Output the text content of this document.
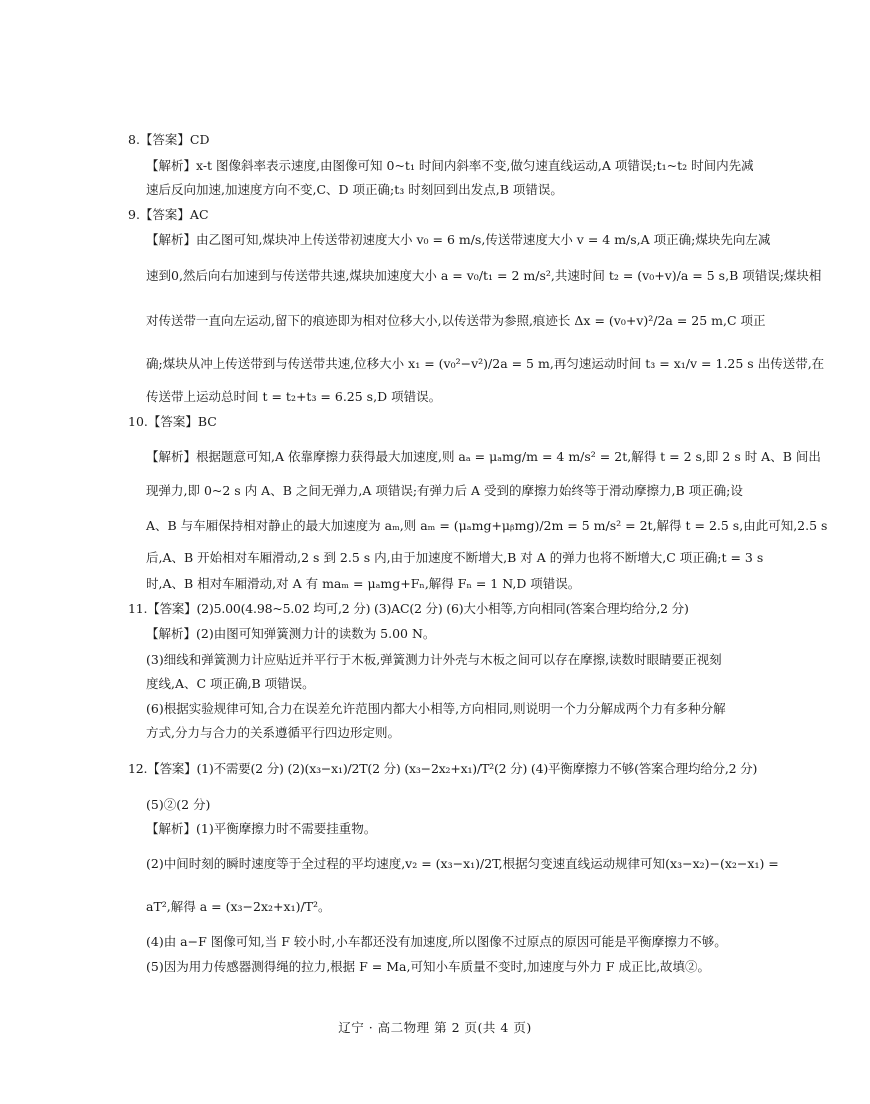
8.【答案】CD
【解析】x-t 图像斜率表示速度,由图像可知 0~t₁ 时间内斜率不变,做匀速直线运动,A 项错误;t₁~t₂ 时间内先减
速后反向加速,加速度方向不变,C、D 项正确;t₃ 时刻回到出发点,B 项错误。
9.【答案】AC
【解析】由乙图可知,煤块冲上传送带初速度大小 v₀ = 6 m/s,传送带速度大小 v = 4 m/s,A 项正确;煤块先向左减
速到0,然后向右加速到与传送带共速,煤块加速度大小 a = v₀/t₁ = 2 m/s²,共速时间 t₂ = (v₀+v)/a = 5 s,B 项错误;煤块相
对传送带一直向左运动,留下的痕迹即为相对位移大小,以传送带为参照,痕迹长 Δx = (v₀+v)²/2a = 25 m,C 项正
确;煤块从冲上传送带到与传送带共速,位移大小 x₁ = (v₀²−v²)/2a = 5 m,再匀速运动时间 t₃ = x₁/v = 1.25 s 出传送带,在
传送带上运动总时间 t = t₂+t₃ = 6.25 s,D 项错误。
10.【答案】BC
【解析】根据题意可知,A 依靠摩擦力获得最大加速度,则 aₐ = μₐmg/m = 4 m/s² = 2t,解得 t = 2 s,即 2 s 时 A、B 间出
现弹力,即 0~2 s 内 A、B 之间无弹力,A 项错误;有弹力后 A 受到的摩擦力始终等于滑动摩擦力,B 项正确;设
A、B 与车厢保持相对静止的最大加速度为 aₘ,则 aₘ = (μₐmg+μᵦmg)/2m = 5 m/s² = 2t,解得 t = 2.5 s,由此可知,2.5 s
后,A、B 开始相对车厢滑动,2 s 到 2.5 s 内,由于加速度不断增大,B 对 A 的弹力也将不断增大,C 项正确;t = 3 s
时,A、B 相对车厢滑动,对 A 有 maₘ = μₐmg+Fₙ,解得 Fₙ = 1 N,D 项错误。
11.【答案】(2)5.00(4.98~5.02 均可,2 分) (3)AC(2 分) (6)大小相等,方向相同(答案合理均给分,2 分)
【解析】(2)由图可知弹簧测力计的读数为 5.00 N。
(3)细线和弹簧测力计应贴近并平行于木板,弹簧测力计外壳与木板之间可以存在摩擦,读数时眼睛要正视刻
度线,A、C 项正确,B 项错误。
(6)根据实验规律可知,合力在误差允许范围内都大小相等,方向相同,则说明一个力分解成两个力有多种分解
方式,分力与合力的关系遵循平行四边形定则。
12.【答案】(1)不需要(2 分) (2)(x₃−x₁)/2T(2 分) (x₃−2x₂+x₁)/T²(2 分) (4)平衡摩擦力不够(答案合理均给分,2 分)
(5)②(2 分)
【解析】(1)平衡摩擦力时不需要挂重物。
(2)中间时刻的瞬时速度等于全过程的平均速度,v₂ = (x₃−x₁)/2T,根据匀变速直线运动规律可知(x₃−x₂)−(x₂−x₁) =
aT²,解得 a = (x₃−2x₂+x₁)/T²。
(4)由 a−F 图像可知,当 F 较小时,小车都还没有加速度,所以图像不过原点的原因可能是平衡摩擦力不够。
(5)因为用力传感器测得绳的拉力,根据 F = Ma,可知小车质量不变时,加速度与外力 F 成正比,故填②。
辽宁 · 高二物理 第 2 页(共 4 页)
